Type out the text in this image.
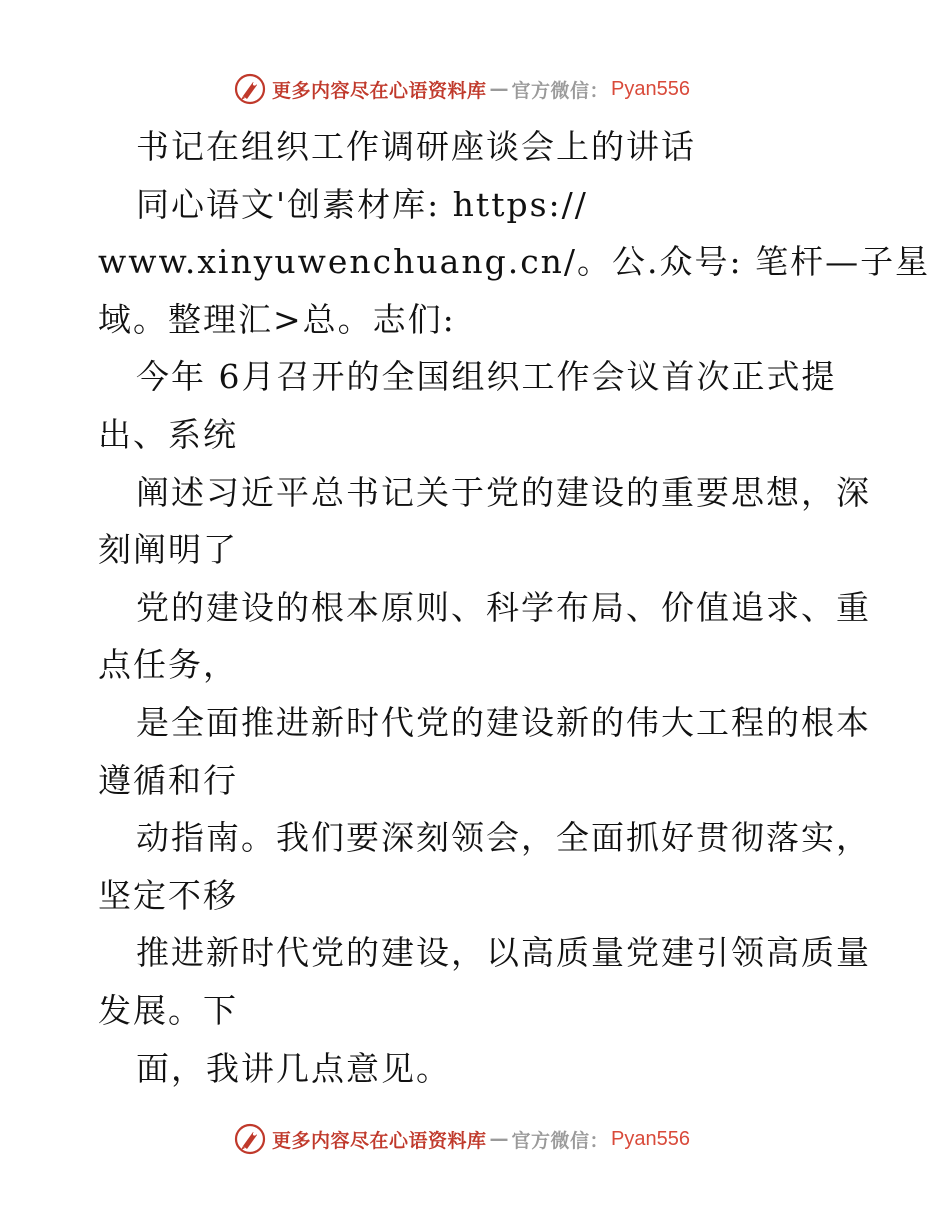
更多内容尽在心语资料库 — 官方微信： Pyan556
书记在组织工作调研座谈会上的讲话
同心语文'创素材库: https://
www.xinyuwenchuang.cn/。公.众号: 笔杆—子星
域。整理汇>总。志们:
今年 6月召开的全国组织工作会议首次正式提
出、系统
阐述习近平总书记关于党的建设的重要思想，深
刻阐明了
党的建设的根本原则、科学布局、价值追求、重
点任务，
是全面推进新时代党的建设新的伟大工程的根本
遵循和行
动指南。我们要深刻领会，全面抓好贯彻落实，
坚定不移
推进新时代党的建设，以高质量党建引领高质量
发展。下
面，我讲几点意见。
更多内容尽在心语资料库 — 官方微信： Pyan556
